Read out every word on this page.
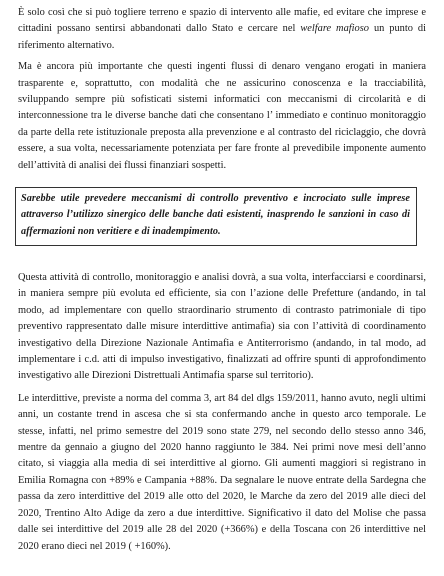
È solo così che si può togliere terreno e spazio di intervento alle mafie, ed evitare che imprese e cittadini possano sentirsi abbandonati dallo Stato e cercare nel welfare mafioso un punto di riferimento alternativo.

Ma è ancora più importante che questi ingenti flussi di denaro vengano erogati in maniera trasparente e, soprattutto, con modalità che ne assicurino conoscenza e la tracciabilità, sviluppando sempre più sofisticati sistemi informatici con meccanismi di circolarità e di interconnessione tra le diverse banche dati che consentano l’ immediato e continuo monitoraggio da parte della rete istituzionale preposta alla prevenzione e al contrasto del riciclaggio, che dovrà essere, a sua volta, necessariamente potenziata per fare fronte al prevedibile imponente aumento dell’attività di analisi dei flussi finanziari sospetti.

Sarebbe utile prevedere meccanismi di controllo preventivo e incrociato sulle imprese attraverso l’utilizzo sinergico delle banche dati esistenti, inasprendo le sanzioni in caso di affermazioni non veritiere e di inadempimento.

Questa attività di controllo, monitoraggio e analisi dovrà, a sua volta, interfacciarsi e coordinarsi, in maniera sempre più evoluta ed efficiente, sia con l’azione delle Prefetture (andando, in tal modo, ad implementare con quello straordinario strumento di contrasto patrimoniale di tipo preventivo rappresentato dalle misure interdittive antimafia) sia con l’attività di coordinamento investigativo della Direzione Nazionale Antimafia e Antiterrorismo (andando, in tal modo, ad implementare i c.d. atti di impulso investigativo, finalizzati ad offrire spunti di approfondimento investigativo alle Direzioni Distrettuali Antimafia sparse sul territorio).

Le interdittive, previste a norma del comma 3, art 84 del dlgs 159/2011, hanno avuto, negli ultimi anni, un costante trend in ascesa che si sta confermando anche in questo arco temporale. Le stesse, infatti, nel primo semestre del 2019 sono state 279, nel secondo dello stesso anno 346, mentre da gennaio a giugno del 2020 hanno raggiunto le 384. Nei primi nove mesi dell’anno citato, si viaggia alla media di sei interdittive al giorno. Gli aumenti maggiori si registrano in Emilia Romagna con +89% e Campania +88%. Da segnalare le nuove entrate della Sardegna che passa da zero interdittive del 2019 alle otto del 2020, le Marche da zero del 2019 alle dieci del 2020, Trentino Alto Adige da zero a due interdittive. Significativo il dato del Molise che passa dalle sei interdittive del 2019 alle 28 del 2020 (+366%) e della Toscana con 26 interdittive nel 2020 erano dieci nel 2019 ( +160%).
